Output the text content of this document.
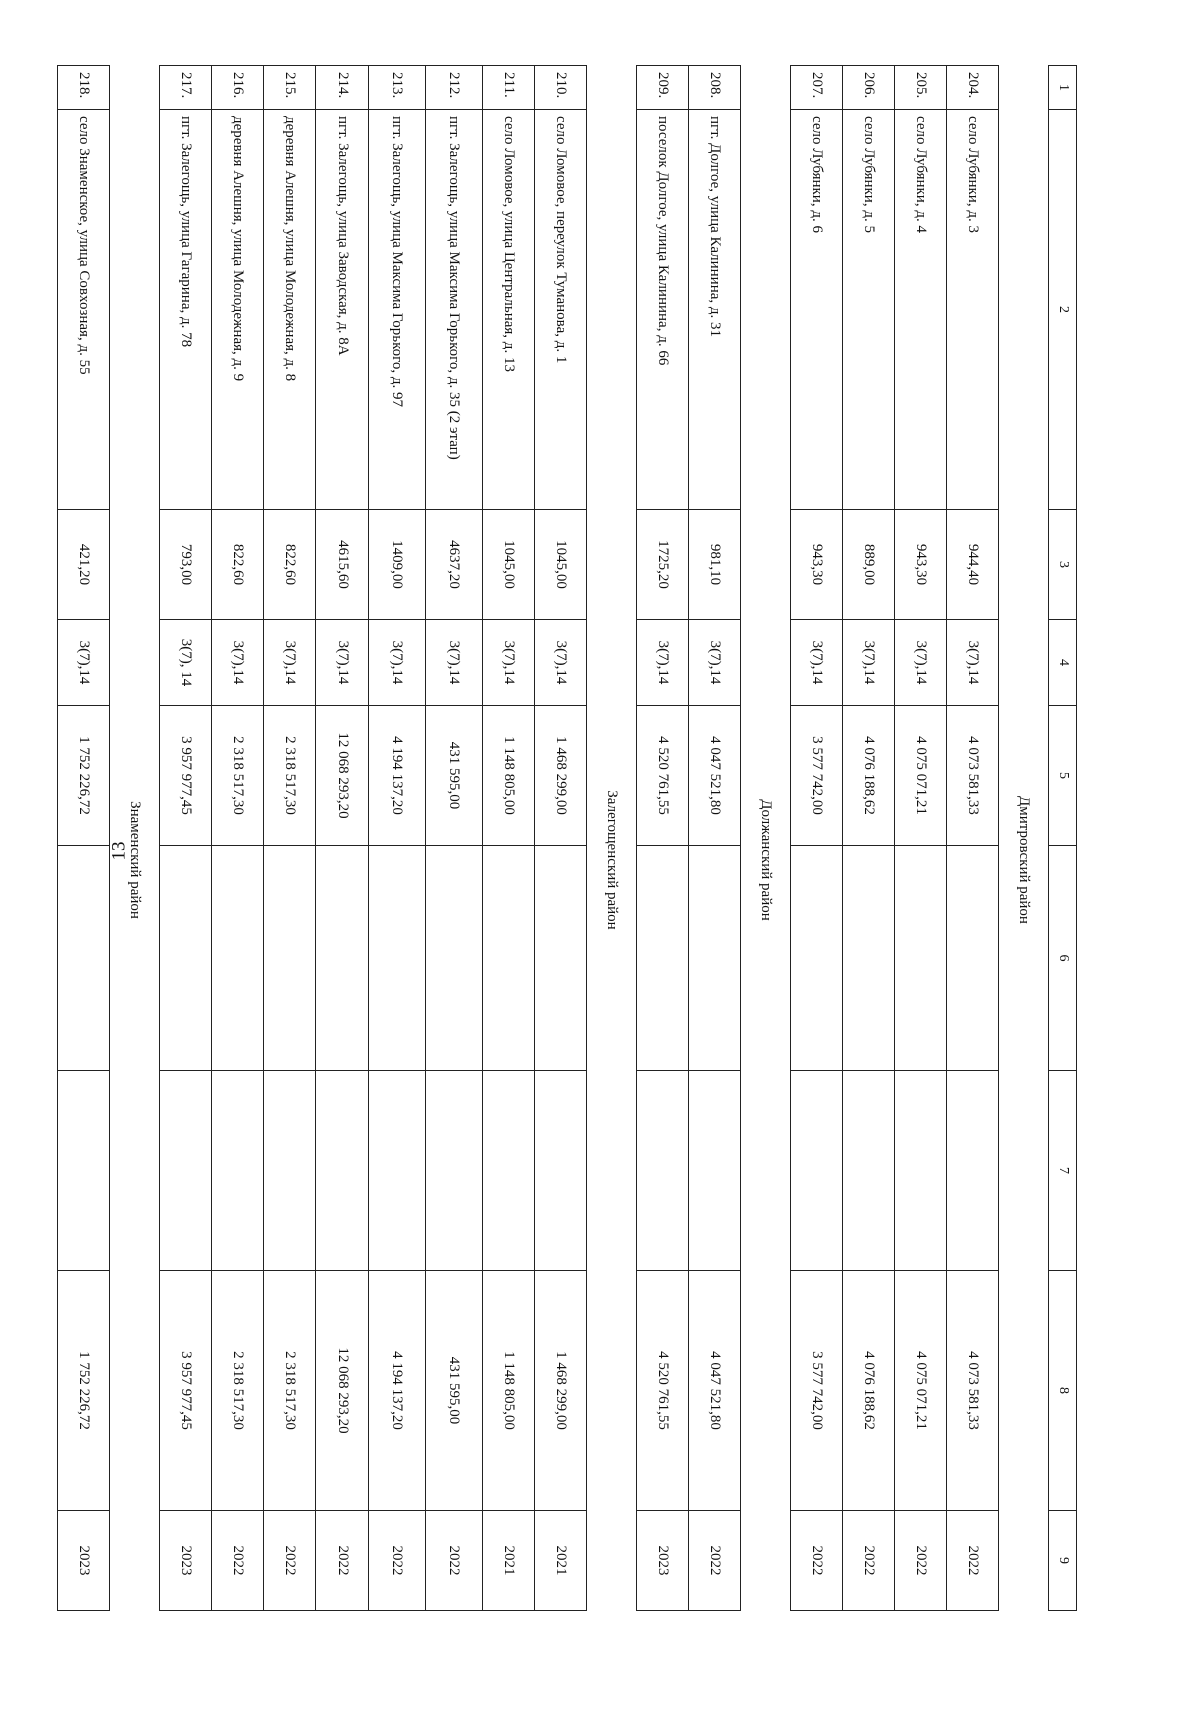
13
1	2	3	4	5	6	7	8	9
	Дмитровский район							
204.	село Лубянки, д. 3	944,40	3(7),14	4 073 581,33			4 073 581,33	2022
205.	село Лубянки, д. 4	943,30	3(7),14	4 075 071,21			4 075 071,21	2022
206.	село Лубянки, д. 5	889,00	3(7),14	4 076 188,62			4 076 188,62	2022
207.	село Лубянки, д. 6	943,30	3(7),14	3 577 742,00			3 577 742,00	2022
	Должанский район							
208.	пгт. Долгое, улица Калинина, д. 31	981,10	3(7),14	4 047 521,80			4 047 521,80	2022
209.	поселок Долгое, улица Калинина, д. 66	1725,20	3(7),14	4 520 761,55			4 520 761,55	2023
	Залегощенский район							
210.	село Ломовое, переулок Туманова, д. 1	1045,00	3(7),14	1 468 299,00			1 468 299,00	2021
211.	село Ломовое, улица Центральная, д. 13	1045,00	3(7),14	1 148 805,00			1 148 805,00	2021
212.	пгт. Залегощь, улица Максима Горького, д. 35 (2 этап)	4637,20	3(7),14	431 595,00			431 595,00	2022
213.	пгт. Залегощь, улица Максима Горького, д. 97	1409,00	3(7),14	4 194 137,20			4 194 137,20	2022
214.	пгт. Залегощь, улица Заводская, д. 8А	4615,60	3(7),14	12 068 293,20			12 068 293,20	2022
215.	деревня Алешня, улица Молодежная, д. 8	822,60	3(7),14	2 318 517,30			2 318 517,30	2022
216.	деревня Алешня, улица Молодежная, д. 9	822,60	3(7),14	2 318 517,30			2 318 517,30	2022
217.	пгт. Залегощь, улица Гагарина, д. 78	793,00	3(7), 14	3 957 977,45			3 957 977,45	2023
	Знаменский район							
218.	село Знаменское, улица Совхозная, д. 55	421,20	3(7),14	1 752 226,72			1 752 226,72	2023
